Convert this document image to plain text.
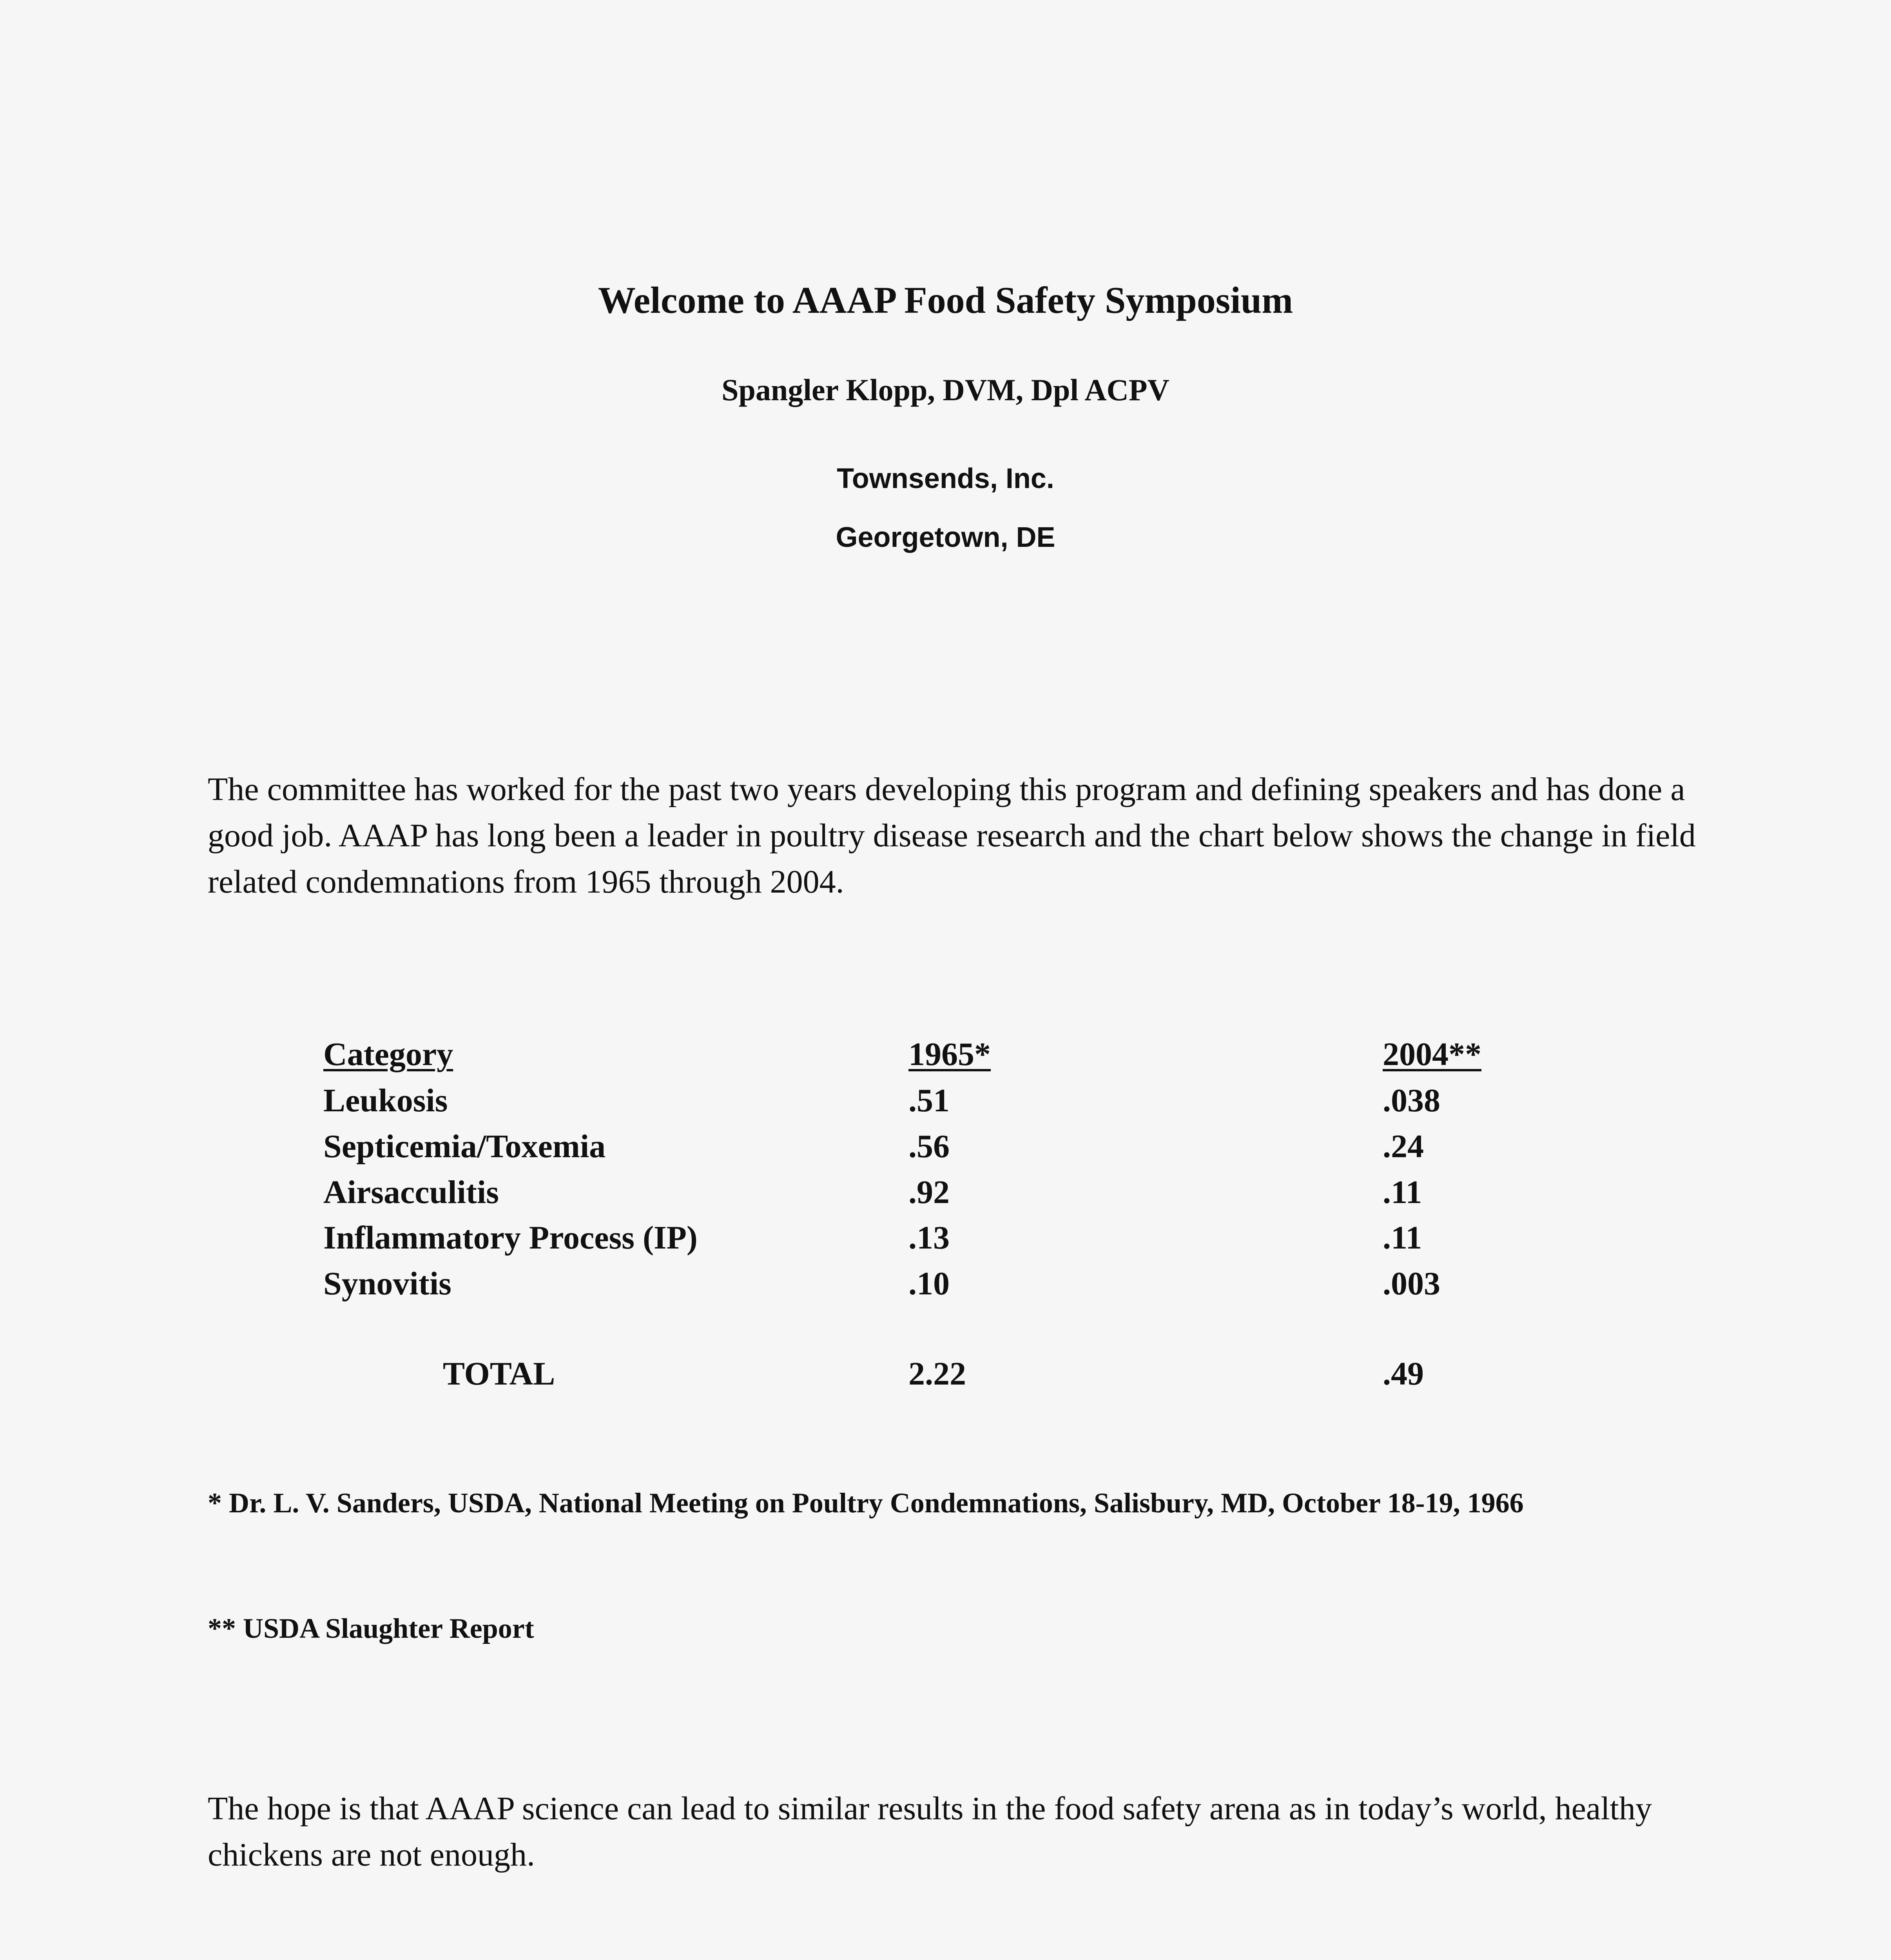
Welcome to AAAP Food Safety Symposium
Spangler Klopp, DVM, Dpl ACPV
Townsends, Inc.
Georgetown, DE

The committee has worked for the past two years developing this program and defining speakers and has done a good job. AAAP has long been a leader in poultry disease research and the chart below shows the change in field related condemnations from 1965 through 2004.

Category	1965*	2004**
Leukosis	.51	.038
Septicemia/Toxemia	.56	.24
Airsacculitis	.92	.11
Inflammatory Process (IP)	.13	.11
Synovitis	.10	.003
TOTAL	2.22	.49
* Dr. L. V. Sanders, USDA, National Meeting on Poultry Condemnations, Salisbury, MD, October 18-19, 1966
** USDA Slaughter Report

The hope is that AAAP science can lead to similar results in the food safety arena as in today’s world, healthy chickens are not enough.
